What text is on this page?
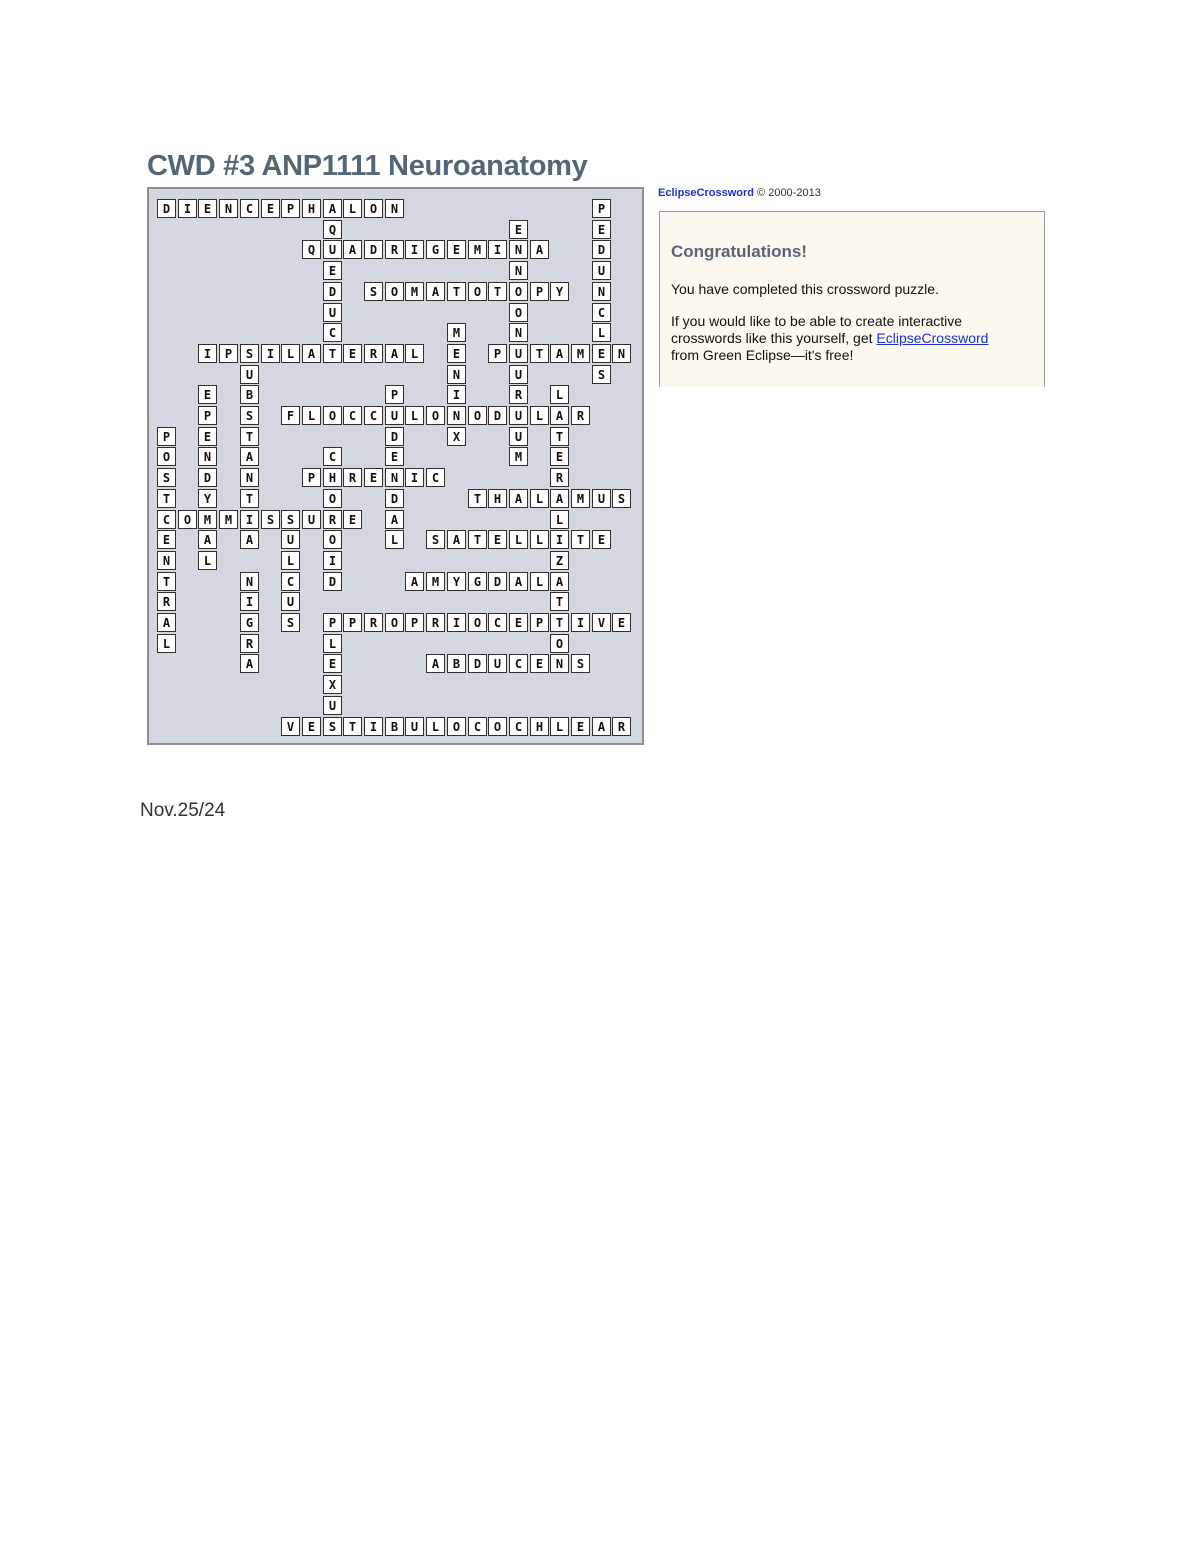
CWD #3 ANP1111 Neuroanatomy
D	I	E	N	C	E	P	H	A	L	O	N
Q	U	A	D	R	I	G	E	M	I	N	A
S	O	M	A	T	O	T	O	P	Y
I	P	S	I	L	A	T	E	R	A	L	P	U	T	A	M	E	N
F	L	O	C	C	U	L	O	N	O	D	U	L	A	R
P	H	R	E	N	I	C
T	H	A	L	A	M	U	S
C	O	M	M	I	S	S	U	R	E
S	A	T	E	L	L	I	T	E
A	M	Y	G	D	A	L	A
P	R	O	P	R	I	O	C	E	P	T	I	V	E
A	B	D	U	C	E	N	S
V	E	S	T	I	B	U	L	O	C	O	C	H	L	E	A	R
Q
E
D
U
C
P
E
D
U
N
C
L
S
E
N
O
N
U
R
U
M
M
E
N
I
X
U
B
S
T
A
N
T
A
N
I
G
R
A
E
P
E
N
D
Y
A
L
P
D
E
D
A
L
L
T
E
R
L
Z
T
O
P
O
S
T
E
N
T
R
A
L
C
O
O
I
D
P
L
E
X
U
U
L
C
U
S
EclipseCrossword © 2000-2013
Congratulations!
You have completed this crossword puzzle.
If you would like to be able to create interactive crosswords like this yourself, get EclipseCrossword
from Green Eclipse—it's free!
Nov.25/24
